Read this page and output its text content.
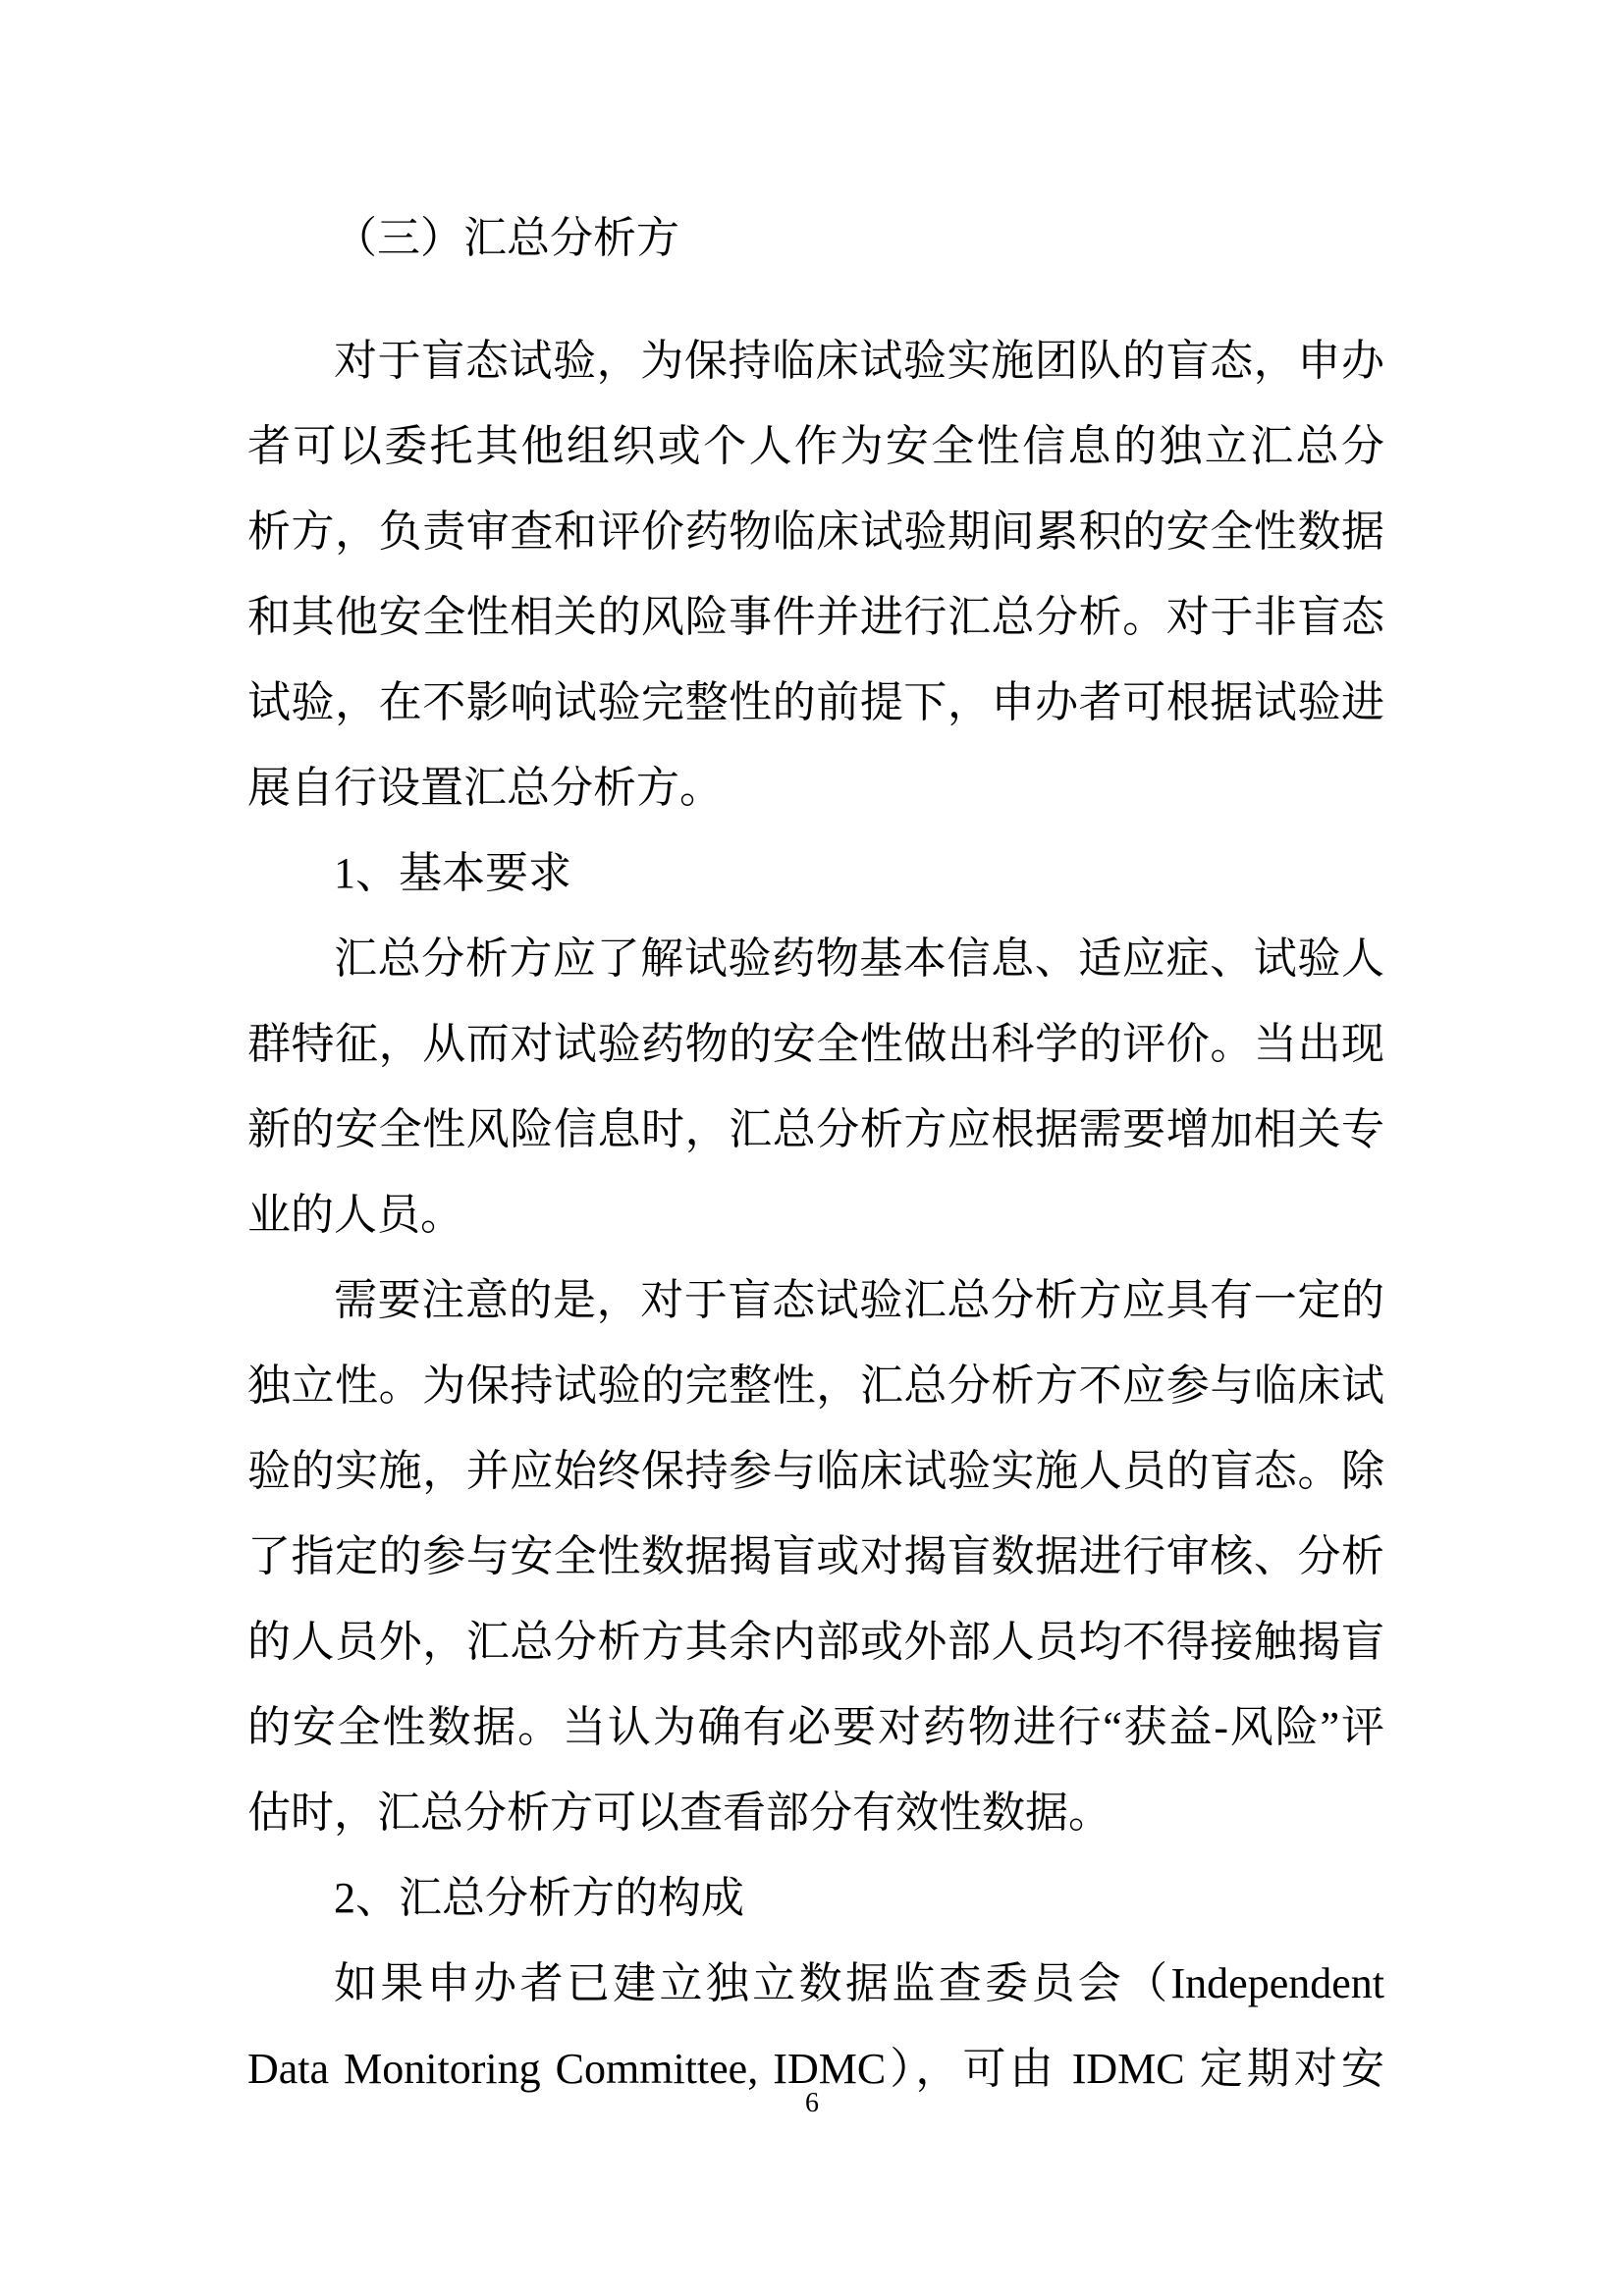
（三）汇总分析方
对于盲态试验，为保持临床试验实施团队的盲态，申办
者可以委托其他组织或个人作为安全性信息的独立汇总分
析方，负责审查和评价药物临床试验期间累积的安全性数据
和其他安全性相关的风险事件并进行汇总分析。对于非盲态
试验，在不影响试验完整性的前提下，申办者可根据试验进
展自行设置汇总分析方。
1、基本要求
汇总分析方应了解试验药物基本信息、适应症、试验人
群特征，从而对试验药物的安全性做出科学的评价。当出现
新的安全性风险信息时，汇总分析方应根据需要增加相关专
业的人员。
需要注意的是，对于盲态试验汇总分析方应具有一定的
独立性。为保持试验的完整性，汇总分析方不应参与临床试
验的实施，并应始终保持参与临床试验实施人员的盲态。除
了指定的参与安全性数据揭盲或对揭盲数据进行审核、分析
的人员外，汇总分析方其余内部或外部人员均不得接触揭盲
的安全性数据。当认为确有必要对药物进行“获益-风险”评
估时，汇总分析方可以查看部分有效性数据。
2、汇总分析方的构成
如果申办者已建立独立数据监查委员会（Independent
Data Monitoring Committee, IDMC），可由 IDMC 定期对安
6
